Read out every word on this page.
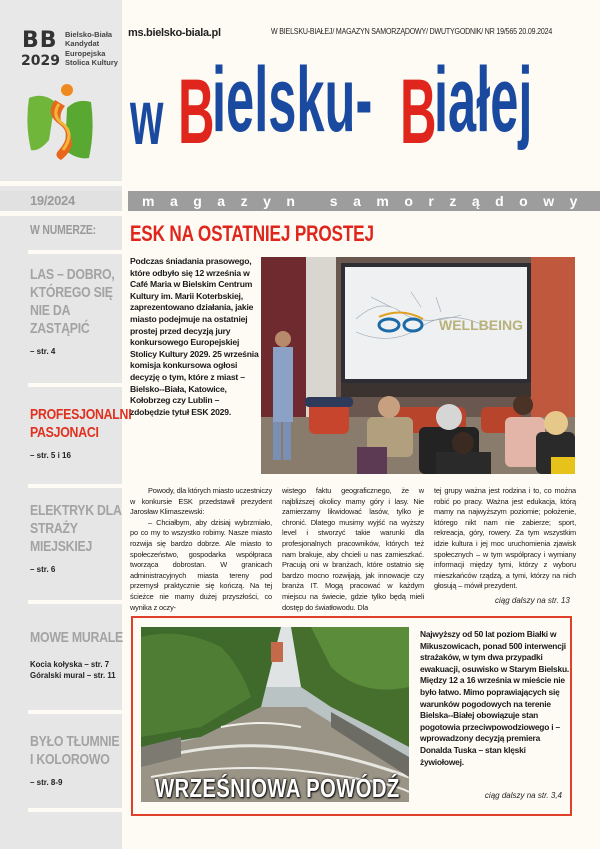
BB
2029
Bielsko-Biała
Kandydat
Europejska
Stolica Kultury
19/2024
W NUMERZE:
LAS – DOBRO, KTÓREGO SIĘ NIE DA ZASTĄPIĆ
– str. 4
PROFESJONALNI PASJONACI
– str. 5 i 16
ELEKTRYK DLA STRAŻY MIEJSKIEJ
– str. 6
MOWE MURALE
Kocia kołyska – str. 7
Góralski mural – str. 11
BYŁO TŁUMNIE I KOLOROWO
– str. 8-9
ms.bielsko-biala.pl	W BIELSKU-BIAŁEJ/ MAGAZYN SAMORZĄDOWY/ DWUTYGODNIK/ NR 19/565 20.09.2024
w B
ielsku- B
iałej
magazyn samorządowy
ESK NA OSTATNIEJ PROSTEJ

Podczas śniadania prasowego, które odbyło się 12 września w Café Maria w Bielskim Centrum Kultury im. Marii Koterbskiej, zaprezentowano działania, jakie miasto podejmuje na ostatniej prostej przed decyzją jury konkursowego Europejskiej Stolicy Kultury 2029. 25 września komisja konkursowa ogłosi decyzję o tym, które z miast – Bielsko--Biała, Katowice, Kołobrzeg czy Lublin – zdobędzie tytuł ESK 2029.

WELLBEING

Powody, dla których miasto uczestniczy w konkursie ESK przedstawił prezydent Jarosław Klimaszewski:

– Chciałbym, aby dzisiaj wybrzmiało, po co my to wszystko robimy. Nasze miasto rozwija się bardzo dobrze. Ale miasto to społeczeństwo, gospodarka współpraca tworząca dobrostan. W granicach administracyjnych miasta tereny pod przemysł praktycznie się kończą. Na tej ścieżce nie mamy dużej przyszłości, co wynika z oczy-

wistego faktu geograficznego, że w najbliższej okolicy mamy góry i lasy. Nie zamierzamy likwidować lasów, tylko je chronić. Dlatego musimy wyjść na wyższy level i stworzyć takie warunki dla profesjonalnych pracowników, których też nam brakuje, aby chcieli u nas zamieszkać. Pracują oni w branżach, które ostatnio się bardzo mocno rozwijają, jak innowacje czy branża IT. Mogą pracować w każdym miejscu na świecie, gdzie tylko będą mieli dostęp do światłowodu. Dla

tej grupy ważna jest rodzina i to, co można robić po pracy. Ważna jest edukacja, którą mamy na najwyższym poziomie; położenie, którego nikt nam nie zabierze; sport, rekreacja, góry, rowery. Za tym wszystkim idzie kultura i jej moc uruchomienia zjawisk społecznych – w tym współpracy i wymiany informacji między tymi, którzy z wyboru mieszkańców rządzą, a tymi, którzy na nich głosują – mówił prezydent.

ciąg dalszy na str. 13
WRZEŚNIOWA POWÓDŹ

Najwyższy od 50 lat poziom Białki w Mikuszowicach, ponad 500 interwencji strażaków, w tym dwa przypadki ewakuacji, osuwisko w Starym Bielsku. Między 12 a 16 września w mieście nie było łatwo. Mimo poprawiających się warunków pogodowych na terenie Bielska--Białej obowiązuje stan pogotowia przeciwpowodziowego i – wprowadzony decyzją premiera Donalda Tuska – stan klęski żywiołowej.

ciąg dalszy na str. 3,4
